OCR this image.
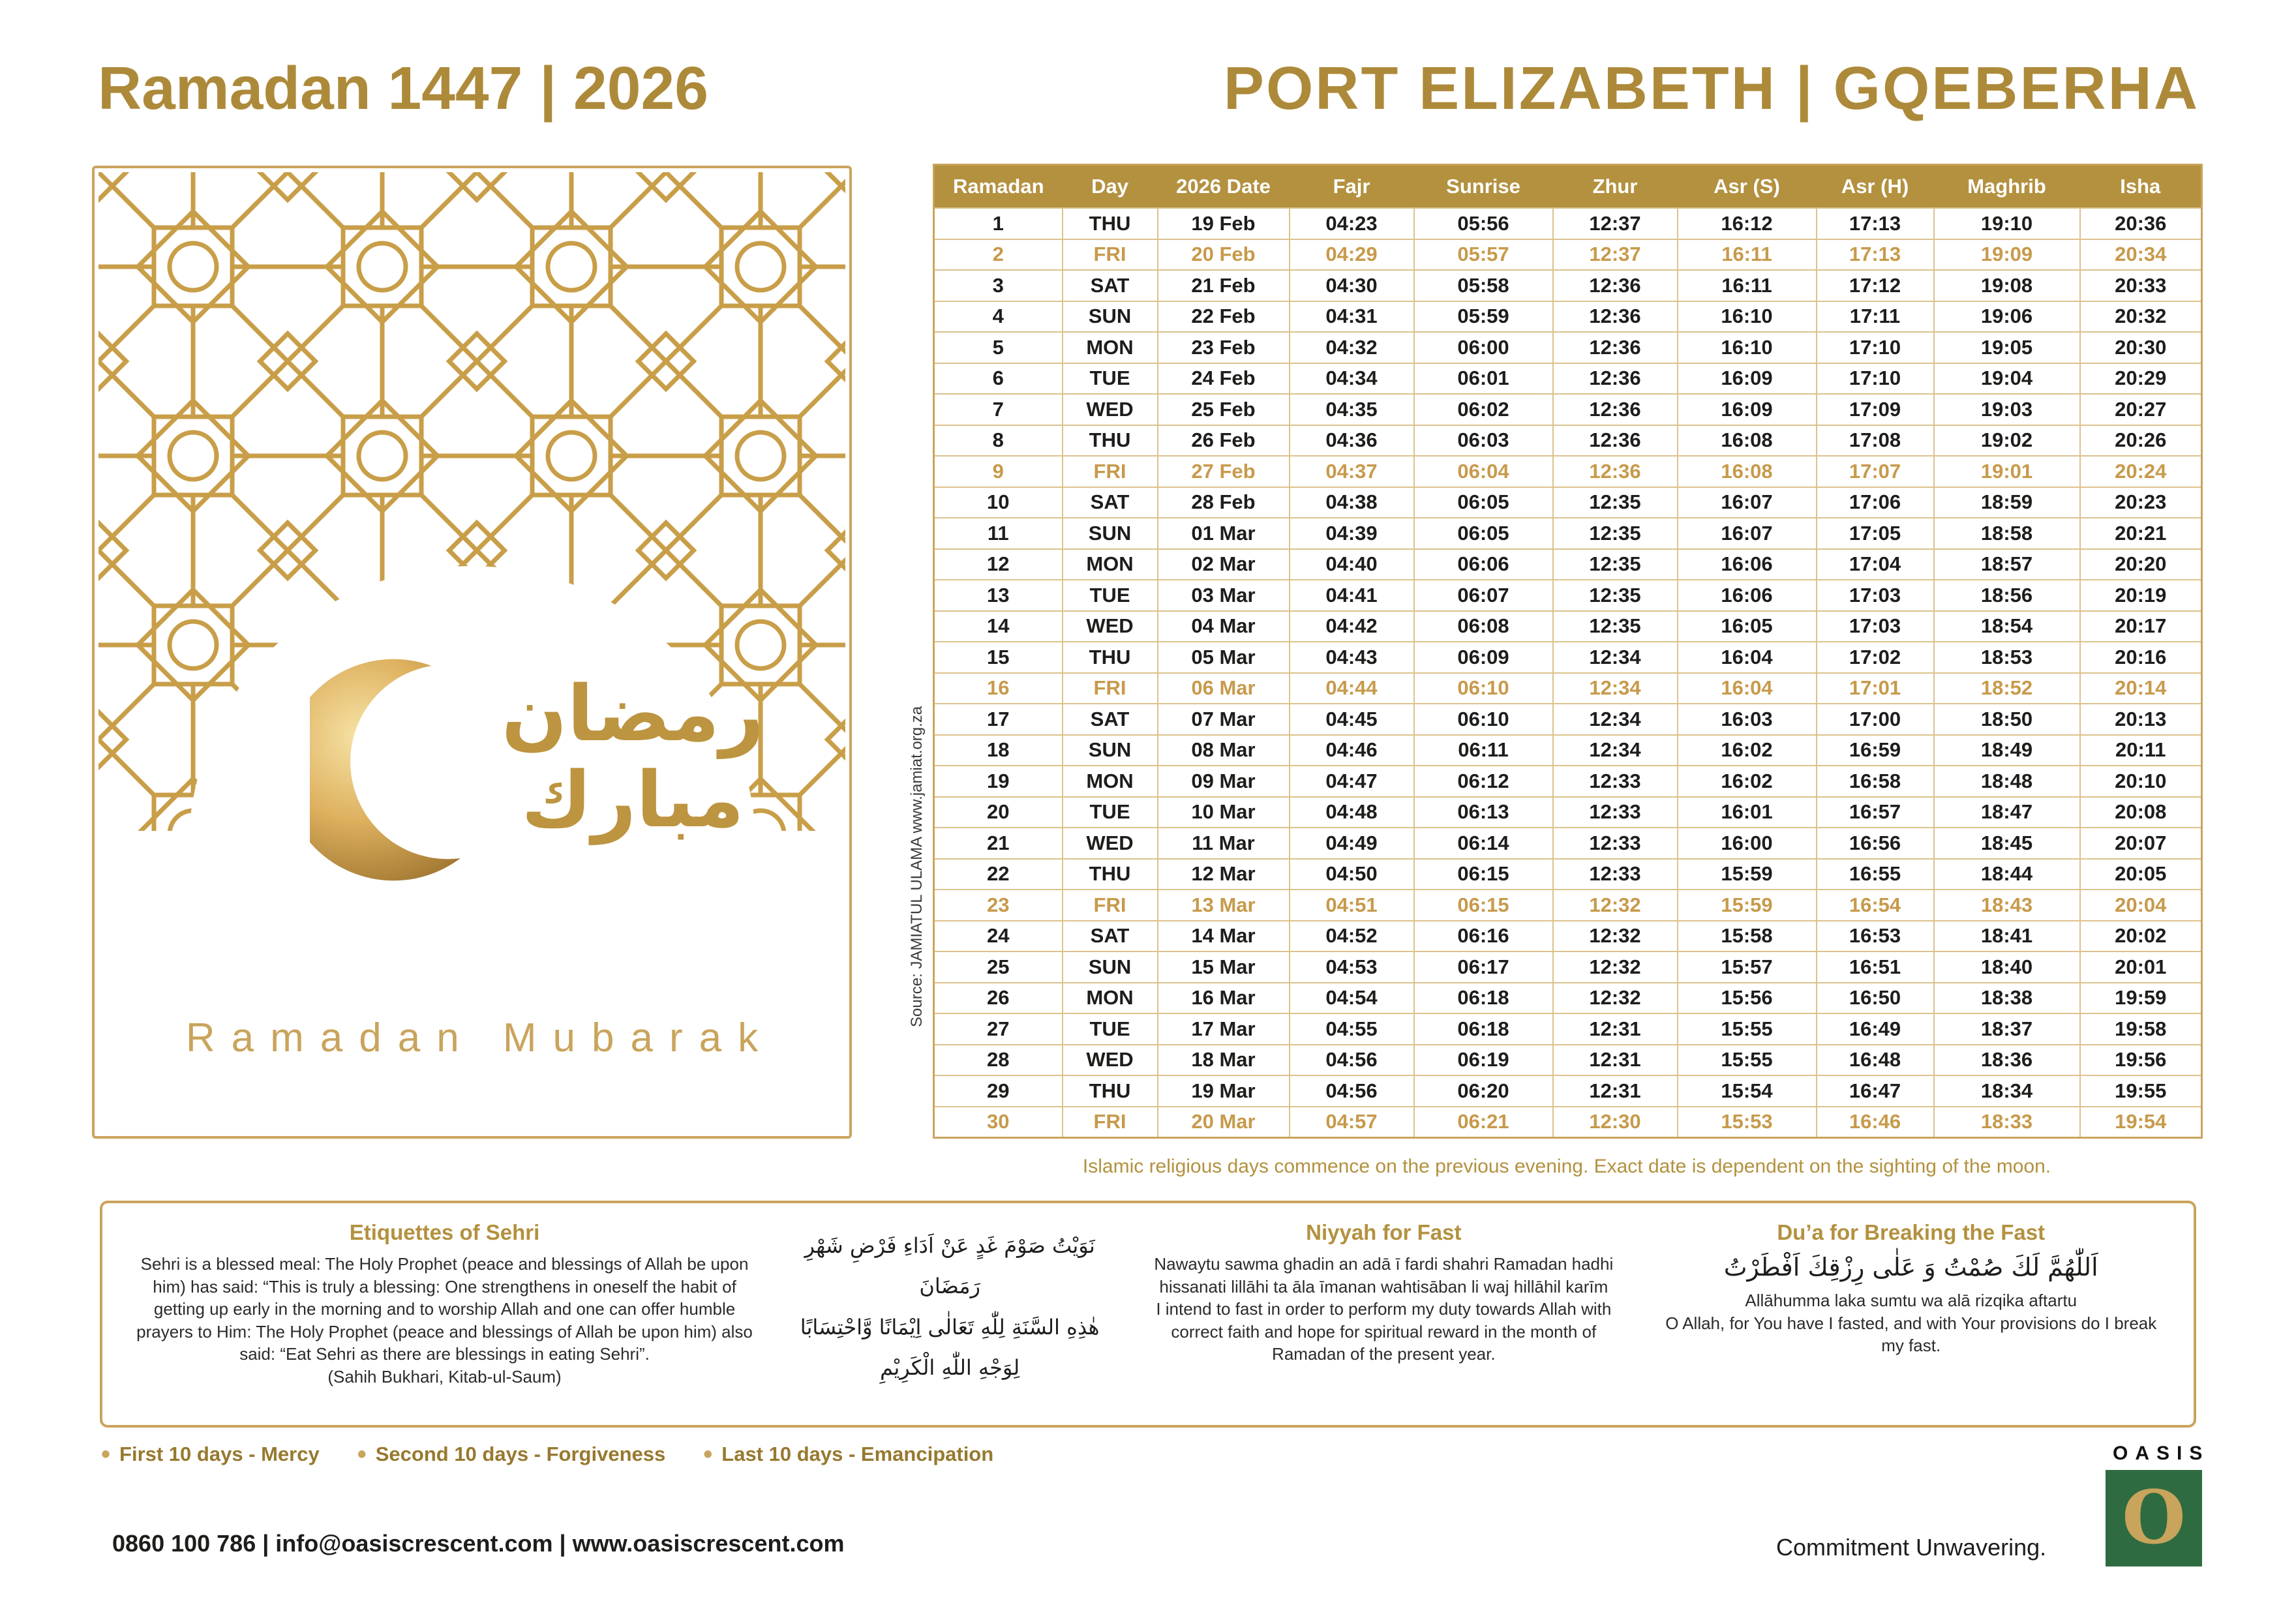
Ramadan 1447 | 2026	PORT ELIZABETH | GQEBERHA
رمضان
مبارك
Ramadan Mubarak
Source: JAMIATUL ULAMA www.jamiat.org.za
Ramadan	Day	2026 Date	Fajr	Sunrise	Zhur	Asr (S)	Asr (H)	Maghrib	Isha
1	THU	19 Feb	04:23	05:56	12:37	16:12	17:13	19:10	20:36
2	FRI	20 Feb	04:29	05:57	12:37	16:11	17:13	19:09	20:34
3	SAT	21 Feb	04:30	05:58	12:36	16:11	17:12	19:08	20:33
4	SUN	22 Feb	04:31	05:59	12:36	16:10	17:11	19:06	20:32
5	MON	23 Feb	04:32	06:00	12:36	16:10	17:10	19:05	20:30
6	TUE	24 Feb	04:34	06:01	12:36	16:09	17:10	19:04	20:29
7	WED	25 Feb	04:35	06:02	12:36	16:09	17:09	19:03	20:27
8	THU	26 Feb	04:36	06:03	12:36	16:08	17:08	19:02	20:26
9	FRI	27 Feb	04:37	06:04	12:36	16:08	17:07	19:01	20:24
10	SAT	28 Feb	04:38	06:05	12:35	16:07	17:06	18:59	20:23
11	SUN	01 Mar	04:39	06:05	12:35	16:07	17:05	18:58	20:21
12	MON	02 Mar	04:40	06:06	12:35	16:06	17:04	18:57	20:20
13	TUE	03 Mar	04:41	06:07	12:35	16:06	17:03	18:56	20:19
14	WED	04 Mar	04:42	06:08	12:35	16:05	17:03	18:54	20:17
15	THU	05 Mar	04:43	06:09	12:34	16:04	17:02	18:53	20:16
16	FRI	06 Mar	04:44	06:10	12:34	16:04	17:01	18:52	20:14
17	SAT	07 Mar	04:45	06:10	12:34	16:03	17:00	18:50	20:13
18	SUN	08 Mar	04:46	06:11	12:34	16:02	16:59	18:49	20:11
19	MON	09 Mar	04:47	06:12	12:33	16:02	16:58	18:48	20:10
20	TUE	10 Mar	04:48	06:13	12:33	16:01	16:57	18:47	20:08
21	WED	11 Mar	04:49	06:14	12:33	16:00	16:56	18:45	20:07
22	THU	12 Mar	04:50	06:15	12:33	15:59	16:55	18:44	20:05
23	FRI	13 Mar	04:51	06:15	12:32	15:59	16:54	18:43	20:04
24	SAT	14 Mar	04:52	06:16	12:32	15:58	16:53	18:41	20:02
25	SUN	15 Mar	04:53	06:17	12:32	15:57	16:51	18:40	20:01
26	MON	16 Mar	04:54	06:18	12:32	15:56	16:50	18:38	19:59
27	TUE	17 Mar	04:55	06:18	12:31	15:55	16:49	18:37	19:58
28	WED	18 Mar	04:56	06:19	12:31	15:55	16:48	18:36	19:56
29	THU	19 Mar	04:56	06:20	12:31	15:54	16:47	18:34	19:55
30	FRI	20 Mar	04:57	06:21	12:30	15:53	16:46	18:33	19:54
Islamic religious days commence on the previous evening. Exact date is dependent on the sighting of the moon.
Etiquettes of Sehri
Sehri is a blessed meal: The Holy Prophet (peace and blessings of Allah be upon him) has said: “This is truly a blessing: One strengthens in oneself the habit of getting up early in the morning and to worship Allah and one can offer humble prayers to Him: The Holy Prophet (peace and blessings of Allah be upon him) also said: “Eat Sehri as there are blessings in eating Sehri”.
(Sahih Bukhari, Kitab-ul-Saum)
نَوَيْتُ صَوْمَ غَدٍ عَنْ اَدَاءِ فَرْضِ شَهْرِ رَمَضَانَ
هٰذِهِ السَّنَةِ لِلّٰهِ تَعَالٰى اِيْمَانًا وَّاحْتِسَابًا
لِوَجْهِ اللّٰهِ الْكَرِيْمِ
Niyyah for Fast
Nawaytu sawma ghadin an adā ī fardi shahri Ramadan hadhi hissanati lillāhi ta āla īmanan wahtisāban li waj hillāhil karīm
I intend to fast in order to perform my duty towards Allah with correct faith and hope for spiritual reward in the month of Ramadan of the present year.
Du’a for Breaking the Fast
اَللّٰهُمَّ لَكَ صُمْتُ وَ عَلٰى رِزْقِكَ اَفْطَرْتُ
Allāhumma laka sumtu wa alā rizqika aftartu
O Allah, for You have I fasted, and with Your provisions do I break my fast.
• First 10 days - Mercy • Second 10 days - Forgiveness • Last 10 days - Emancipation
0860 100 786 | info@oasiscrescent.com | www.oasiscrescent.com	Commitment Unwavering.
OASIS
O
